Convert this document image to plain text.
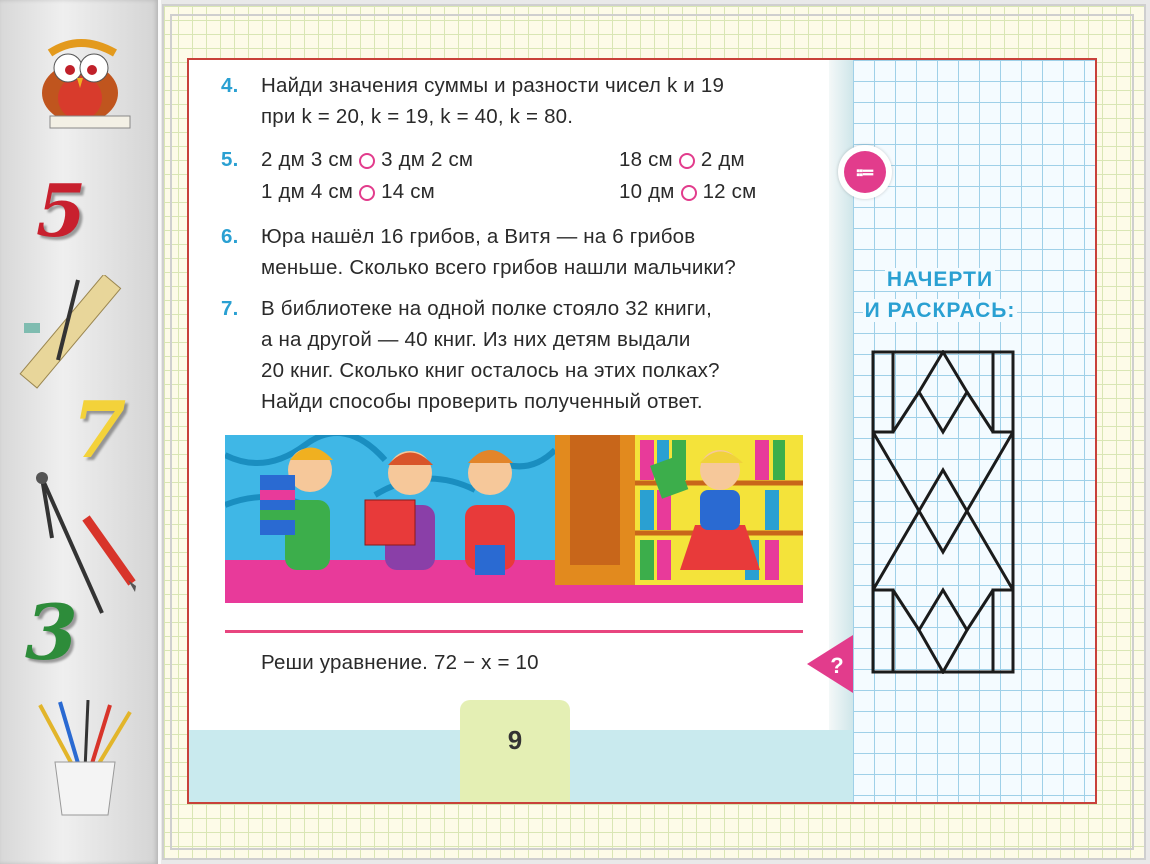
5
7
3
4. Найди значения суммы и разности чисел k и 19
при k = 20, k = 19, k = 40, k = 80.
5. 2 дм 3 см 3 дм 2 см	18 см 2 дм
1 дм 4 см 14 см	10 дм 12 см
6. Юра нашёл 16 грибов, а Витя — на 6 грибов
меньше. Сколько всего грибов нашли мальчики?
7. В библиотеке на одной полке стояло 32 книги,
а на другой — 40 книг. Из них детям выдали
20 книг. Сколько книг осталось на этих полках?
Найди способы проверить полученный ответ.
Реши уравнение. 72 − x = 10
9
⩴
?
НАЧЕРТИ
И РАСКРАСЬ:
